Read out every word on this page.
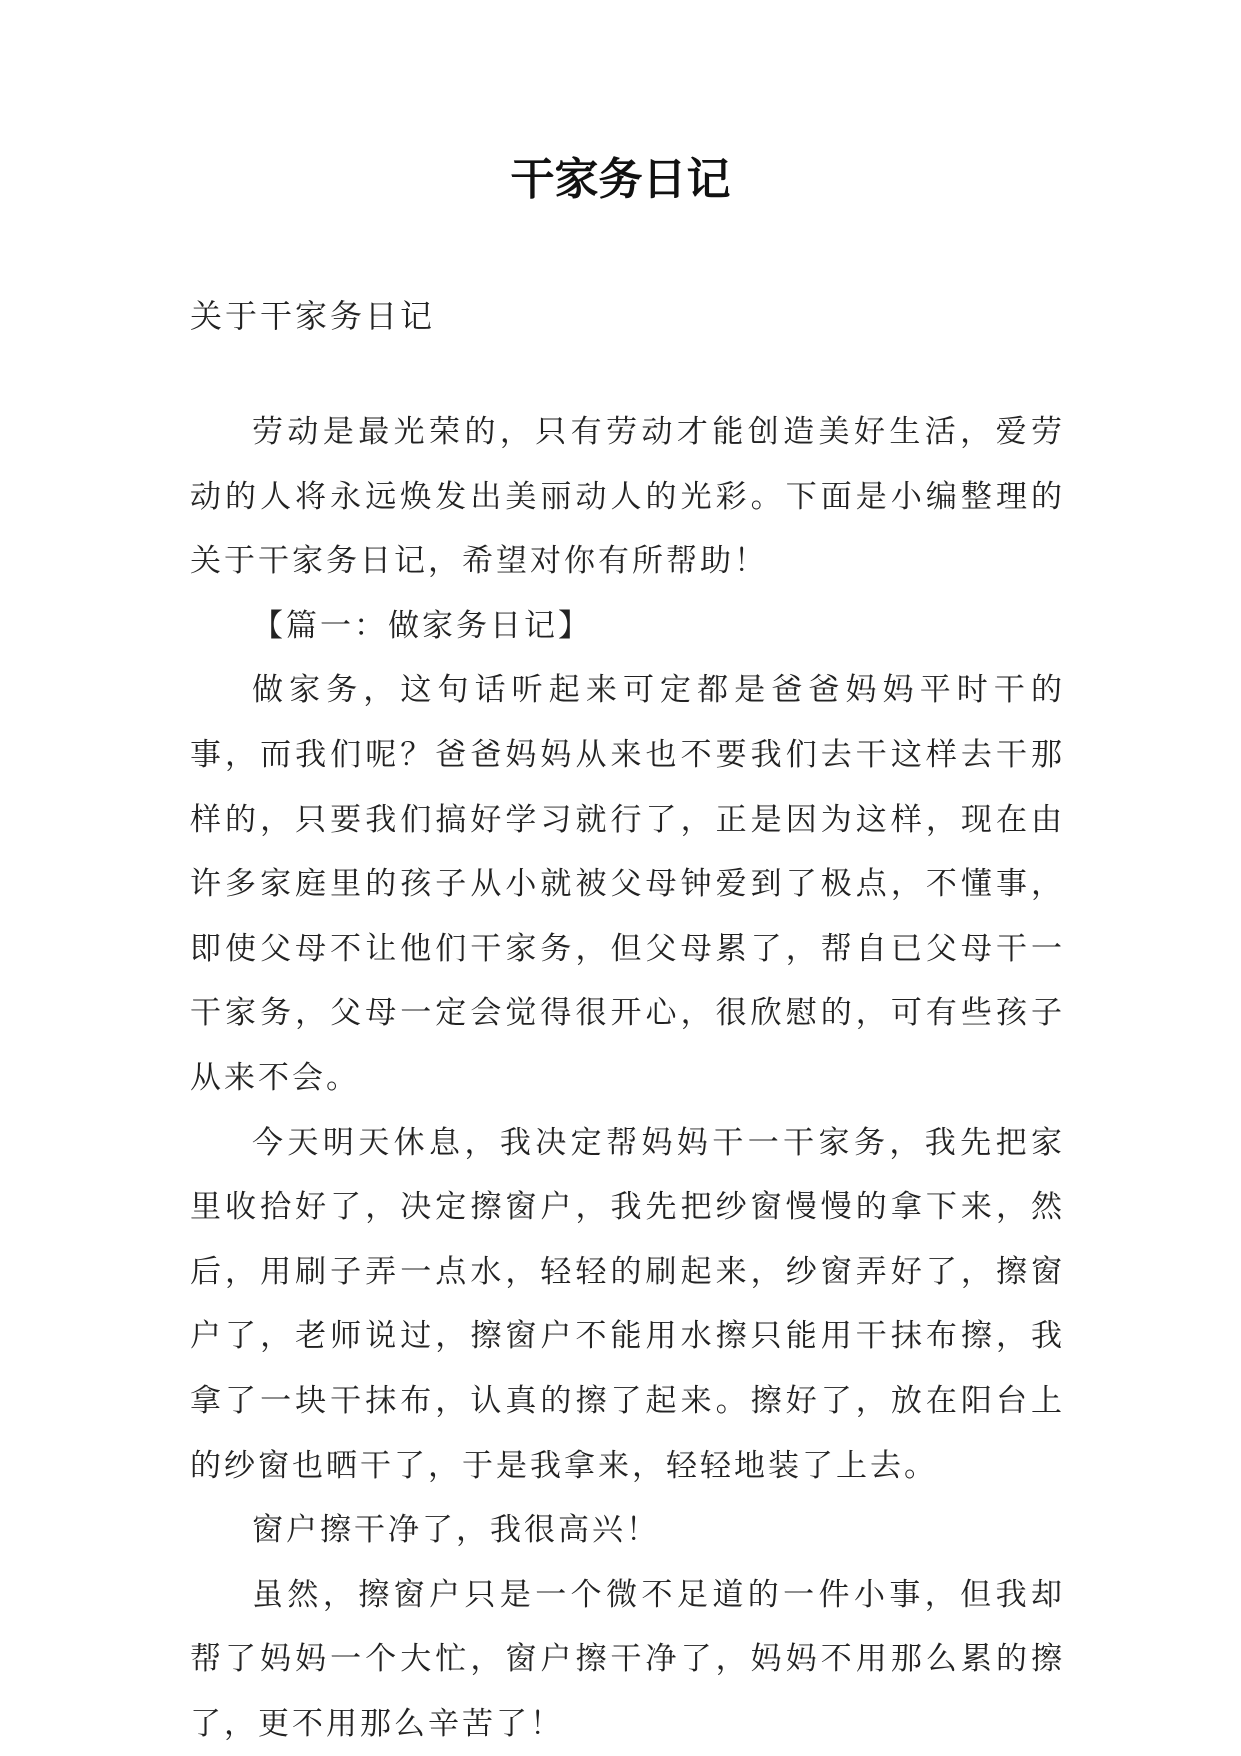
干家务日记
关于干家务日记

劳动是最光荣的，只有劳动才能创造美好生活，爱劳动的人将永远焕发出美丽动人的光彩。下面是小编整理的关于干家务日记，希望对你有所帮助！

【篇一：做家务日记】

做家务，这句话听起来可定都是爸爸妈妈平时干的事，而我们呢？爸爸妈妈从来也不要我们去干这样去干那样的，只要我们搞好学习就行了，正是因为这样，现在由许多家庭里的孩子从小就被父母钟爱到了极点，不懂事，即使父母不让他们干家务，但父母累了，帮自已父母干一干家务，父母一定会觉得很开心，很欣慰的，可有些孩子从来不会。

今天明天休息，我决定帮妈妈干一干家务，我先把家里收拾好了，决定擦窗户，我先把纱窗慢慢的拿下来，然后，用刷子弄一点水，轻轻的刷起来，纱窗弄好了，擦窗户了，老师说过，擦窗户不能用水擦只能用干抹布擦，我拿了一块干抹布，认真的擦了起来。擦好了，放在阳台上的纱窗也晒干了，于是我拿来，轻轻地装了上去。

窗户擦干净了，我很高兴！

虽然，擦窗户只是一个微不足道的一件小事，但我却帮了妈妈一个大忙，窗户擦干净了，妈妈不用那么累的擦了，更不用那么辛苦了！
